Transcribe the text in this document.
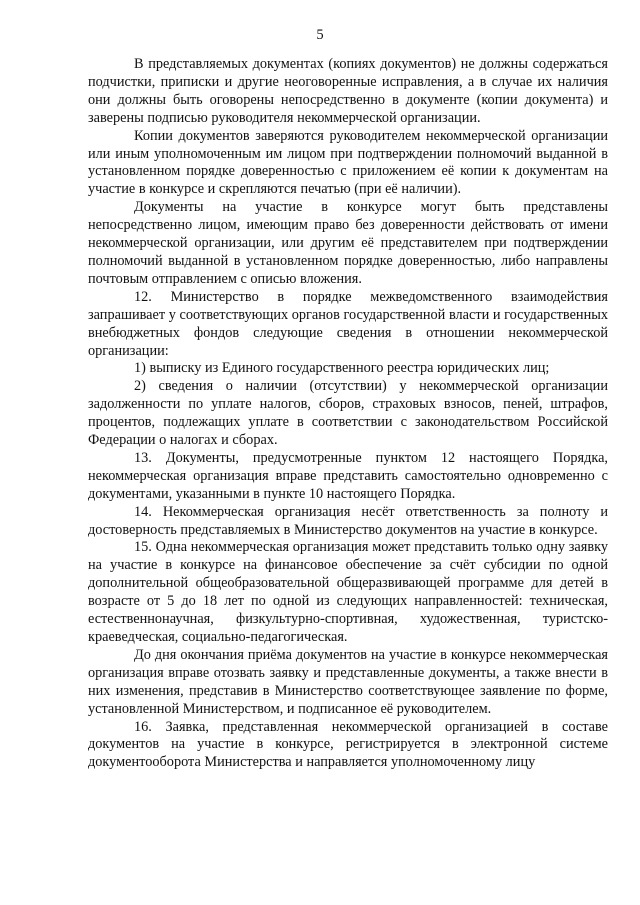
5

В представляемых документах (копиях документов) не должны содержаться подчистки, приписки и другие неоговоренные исправления, а в случае их наличия они должны быть оговорены непосредственно в документе (копии документа) и заверены подписью руководителя некоммерческой организации.

Копии документов заверяются руководителем некоммерческой организации или иным уполномоченным им лицом при подтверждении полномочий выданной в установленном порядке доверенностью с приложением её копии к документам на участие в конкурсе и скрепляются печатью (при её наличии).

Документы на участие в конкурсе могут быть представлены непосредственно лицом, имеющим право без доверенности действовать от имени некоммерческой организации, или другим её представителем при подтверждении полномочий выданной в установленном порядке доверенностью, либо направлены почтовым отправлением с описью вложения.

12. Министерство в порядке межведомственного взаимодействия запрашивает у соответствующих органов государственной власти и государственных внебюджетных фондов следующие сведения в отношении некоммерческой организации:

1) выписку из Единого государственного реестра юридических лиц;

2) сведения о наличии (отсутствии) у некоммерческой организации задолженности по уплате налогов, сборов, страховых взносов, пеней, штрафов, процентов, подлежащих уплате в соответствии с законодательством Российской Федерации о налогах и сборах.

13. Документы, предусмотренные пунктом 12 настоящего Порядка, некоммерческая организация вправе представить самостоятельно одновременно с документами, указанными в пункте 10 настоящего Порядка.

14. Некоммерческая организация несёт ответственность за полноту и достоверность представляемых в Министерство документов на участие в конкурсе.

15. Одна некоммерческая организация может представить только одну заявку на участие в конкурсе на финансовое обеспечение за счёт субсидии по одной дополнительной общеобразовательной общеразвивающей программе для детей в возрасте от 5 до 18 лет по одной из следующих направленностей: техническая, естественнонаучная, физкультурно-спортивная, художественная, туристско-краеведческая, социально-педагогическая.

До дня окончания приёма документов на участие в конкурсе некоммерческая организация вправе отозвать заявку и представленные документы, а также внести в них изменения, представив в Министерство соответствующее заявление по форме, установленной Министерством, и подписанное её руководителем.

16. Заявка, представленная некоммерческой организацией в составе документов на участие в конкурсе, регистрируется в электронной системе документооборота Министерства и направляется уполномоченному лицу
